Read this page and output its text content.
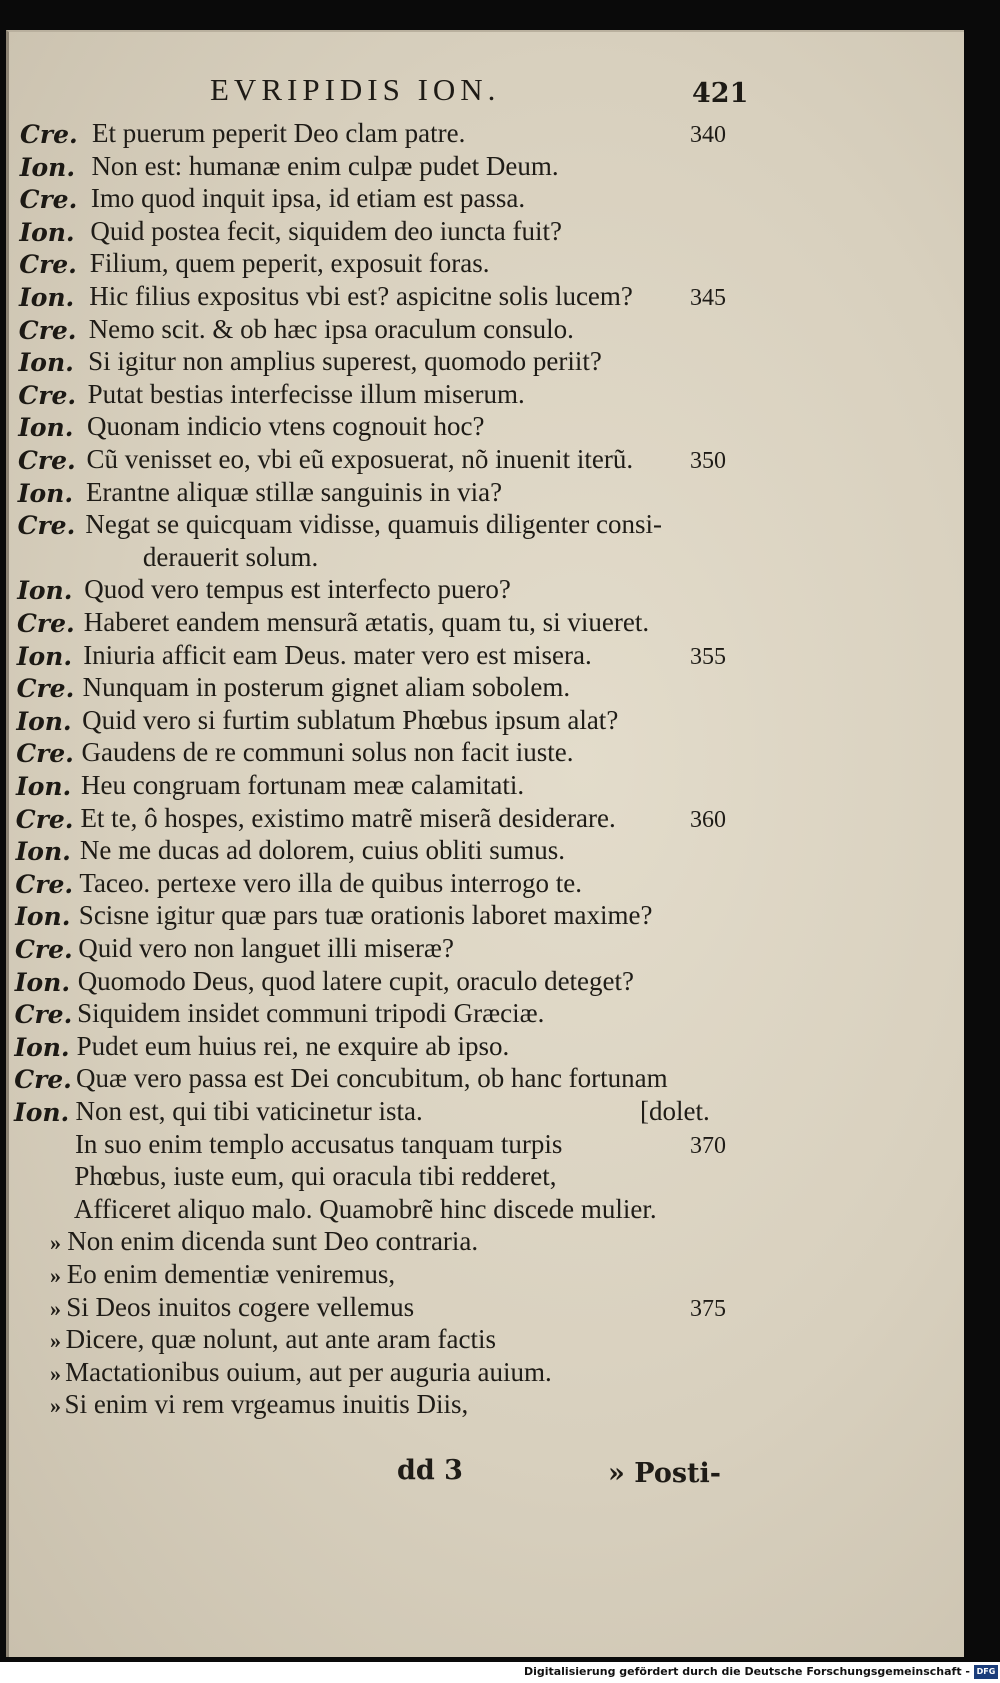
EVRIPIDIS ION.	421
Cre. Et puerum peperit Deo clam patre.	340
Ion. Non est: humanæ enim culpæ pudet Deum.
Cre. Imo quod inquit ipsa, id etiam est passa.
Ion. Quid postea fecit, siquidem deo iuncta fuit?
Cre. Filium, quem peperit, exposuit foras.
Ion. Hic filius expositus vbi est? aspicitne solis lucem? 345
Cre. Nemo scit. & ob hæc ipsa oraculum consulo.
Ion. Si igitur non amplius superest, quomodo periit?
Cre. Putat bestias interfecisse illum miserum.
Ion. Quonam indicio vtens cognouit hoc?
Cre. Cũ venisset eo, vbi eũ exposuerat, nõ inuenit iterũ. 350
Ion. Erantne aliquæ stillæ sanguinis in via?
Cre. Negat se quicquam vidisse, quamuis diligenter consi-
derauerit solum.
Ion. Quod vero tempus est interfecto puero?
Cre. Haberet eandem mensurã ætatis, quam tu, si viueret.
Ion. Iniuria afficit eam Deus. mater vero est misera.	355
Cre. Nunquam in posterum gignet aliam sobolem.
Ion. Quid vero si furtim sublatum Phœbus ipsum alat?
Cre. Gaudens de re communi solus non facit iuste.
Ion. Heu congruam fortunam meæ calamitati.
Cre. Et te, ô hospes, existimo matrẽ miserã desiderare.	360
Ion. Ne me ducas ad dolorem, cuius obliti sumus.
Cre. Taceo. pertexe vero illa de quibus interrogo te.
Ion. Scisne igitur quæ pars tuæ orationis laboret maxime?
Cre. Quid vero non languet illi miseræ?
Ion. Quomodo Deus, quod latere cupit, oraculo deteget?
Cre. Siquidem insidet communi tripodi Græciæ.
Ion. Pudet eum huius rei, ne exquire ab ipso.
Cre. Quæ vero passa est Dei concubitum, ob hanc fortunam
Ion. Non est, qui tibi vaticinetur ista.	[dolet.
In suo enim templo accusatus tanquam turpis	370
Phœbus, iuste eum, qui oracula tibi redderet,
Afficeret aliquo malo. Quamobrẽ hinc discede mulier.
» Non enim dicenda sunt Deo contraria.
» Eo enim dementiæ veniremus,
» Si Deos inuitos cogere vellemus	375
» Dicere, quæ nolunt, aut ante aram factis
» Mactationibus ouium, aut per auguria auium.
» Si enim vi rem vrgeamus inuitis Diis,
dd 3	» Posti-
Digitalisierung gefördert durch die Deutsche Forschungsgemeinschaft - DFG
